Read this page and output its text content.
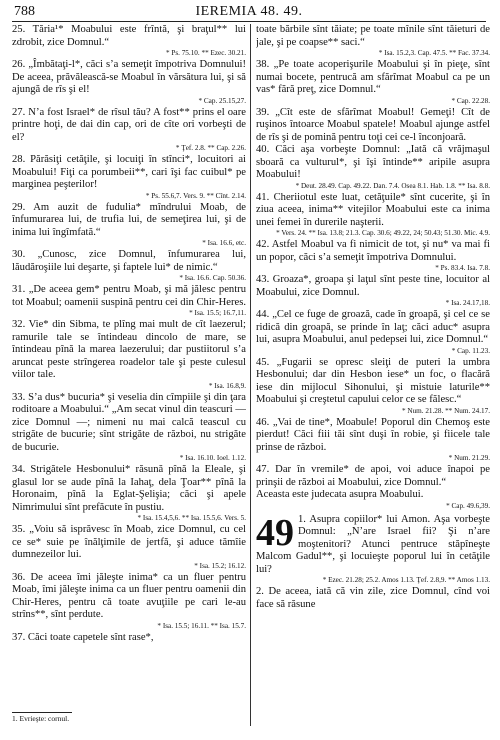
788	IEREMIA 48. 49.

25. Tăria¹* Moabului este frîntă, şi braţul** lui zdrobit, zice Domnul.“

* Ps. 75.10. ** Ezec. 30.21.

26. „Îmbătaţi-l*, căci s’a semeţit împotriva Domnului! De aceea, prăvălească-se Moabul în vărsătura lui, şi să ajungă de rîs şi el!

* Cap. 25.15,27.

27. N’a fost Israel* de rîsul tău? A fost** prins el oare printre hoţi, de dai din cap, ori de cîte ori vorbeşti de el?

* Ţef. 2.8. ** Cap. 2.26.

28. Părăsiţi cetăţile, şi locuiţi în stînci*, locuitori ai Moabului! Fiţi ca porumbeii**, cari îşi fac cuibul* pe marginea peşterilor!

* Ps. 55.6,7. Vers. 9. ** Cînt. 2.14.

29. Am auzit de fudulia* mîndrului Moab, de înfumurarea lui, de trufia lui, de semeţirea lui, şi de inima lui îngîmfată.“

* Isa. 16.6, etc.

30. „Cunosc, zice Domnul, înfumurarea lui, lăudăroşiile lui deşarte, şi faptele lui* de nimic.“

* Isa. 16.6. Cap. 50.36.

31. „De aceea gem* pentru Moab, şi mă jălesc pentru tot Moabul; oamenii suspină pentru cei din Chir-Heres.

* Isa. 15.5; 16.7,11.

32. Vie* din Sibma, te plîng mai mult de cît laezerul; ramurile tale se întindeau dincolo de mare, se întindeau pînă la marea laezerului; dar pustiitorul s’a aruncat peste strîngerea roadelor tale şi peste culesul viilor tale.

* Isa. 16.8,9.

33. S’a dus* bucuria* şi veselia din cîmpiile şi din ţara roditoare a Moabului.“ „Am secat vinul din teascuri — zice Domnul —; nimeni nu mai calcă teascul cu strigăte de bucurie; sînt strigăte de război, nu strigăte de bucurie.

* Isa. 16.10. Ioel. 1.12.

34. Strigătele Hesbonului* răsună pînă la Eleale, şi glasul lor se aude pînă la Iahaţ, dela Ţoar** pînă la Horonaim, pînă la Eglat-Şelişia; căci şi apele Nimrimului sînt prefăcute în pustiu.

* Isa. 15.4,5,6. ** Isa. 15.5,6. Vers. 5.

35. „Voiu să isprăvesc în Moab, zice Domnul, cu cel ce se* suie pe înălţimile de jertfă, şi aduce tămîie dumnezeilor lui.

* Isa. 15.2; 16.12.

36. De aceea îmi jăleşte inima* ca un fluer pentru Moab, îmi jăleşte inima ca un fluer pentru oamenii din Chir-Heres, pentru că toate avuţiile pe cari le-au strîns**, sînt perdute.

* Isa. 15.5; 16.11. ** Isa. 15.7.

37. Căci toate capetele sînt rase*,

toate bărbile sînt tăiate; pe toate mînile sînt tăieturi de jale, şi pe coapse** saci.“

* Isa. 15.2,3. Cap. 47.5. ** Fac. 37.34.

38. „Pe toate acoperişurile Moabului şi în pieţe, sînt numai bocete, pentrucă am sfărîmat Moabul ca pe un vas* fără preţ, zice Domnul.“

* Cap. 22.28.

39. „Cît este de sfărîmat Moabul! Gemeţi! Cît de ruşinos întoarce Moabul spatele! Moabul ajunge astfel de rîs şi de pomină pentru toţi cei ce-l înconjoară.

40. Căci aşa vorbeşte Domnul: „Iată că vrăjmaşul sboară ca vulturul*, şi îşi întinde** aripile asupra Moabului!

* Deut. 28.49. Cap. 49.22. Dan. 7.4. Osea 8.1. Hab. 1.8. ** Isa. 8.8.

41. Cheriiotul este luat, cetăţuile* sînt cucerite, şi în ziua aceea, inima** vitejilor Moabului este ca inima unei femei în durerile naşterii.

* Vers. 24. ** Isa. 13.8; 21.3. Cap. 30.6; 49.22, 24; 50.43; 51.30. Mic. 4.9.

42. Astfel Moabul va fi nimicit de tot, şi nu* va mai fi un popor, căci s’a semeţit împotriva Domnului.

* Ps. 83.4. Isa. 7.8.

43. Groaza*, groapa şi laţul sînt peste tine, locuitor al Moabului, zice Domnul.

* Isa. 24.17,18.

44. „Cel ce fuge de groază, cade în groapă, şi cel ce se ridică din groapă, se prinde în laţ; căci aduc* asupra lui, asupra Moabului, anul pedepsei lui, zice Domnul.“

* Cap. 11.23.

45. „Fugarii se opresc sleiţi de puteri la umbra Hesbonului; dar din Hesbon iese* un foc, o flacără iese din mijlocul Sihonului, şi mistuie laturile** Moabului şi creştetul capului celor ce se fălesc.“

* Num. 21.28. ** Num. 24.17.

46. „Vai de tine*, Moabule! Poporul din Chemoş este pierdut! Căci fiii tăi sînt duşi în robie, şi fiicele tale prinse de război.

* Num. 21.29.

47. Dar în vremile* de apoi, voi aduce înapoi pe prinşii de război ai Moabului, zice Domnul.“

Aceasta este judecata asupra Moabului.

* Cap. 49.6,39.
49 1. Asupra copiilor* lui Amon. Aşa vorbeşte Domnul: „N’are Israel fii? Şi n’are moştenitori? Atunci pentruce stăpîneşte Malcom Gadul**, şi locuieşte poporul lui în cetăţile lui?

* Ezec. 21.28; 25.2. Amos 1.13. Ţef. 2.8,9. ** Amos 1.13.

2. De aceea, iată că vin zile, zice Domnul, cînd voi face să răsune

1. Evrieşte: cornul.
